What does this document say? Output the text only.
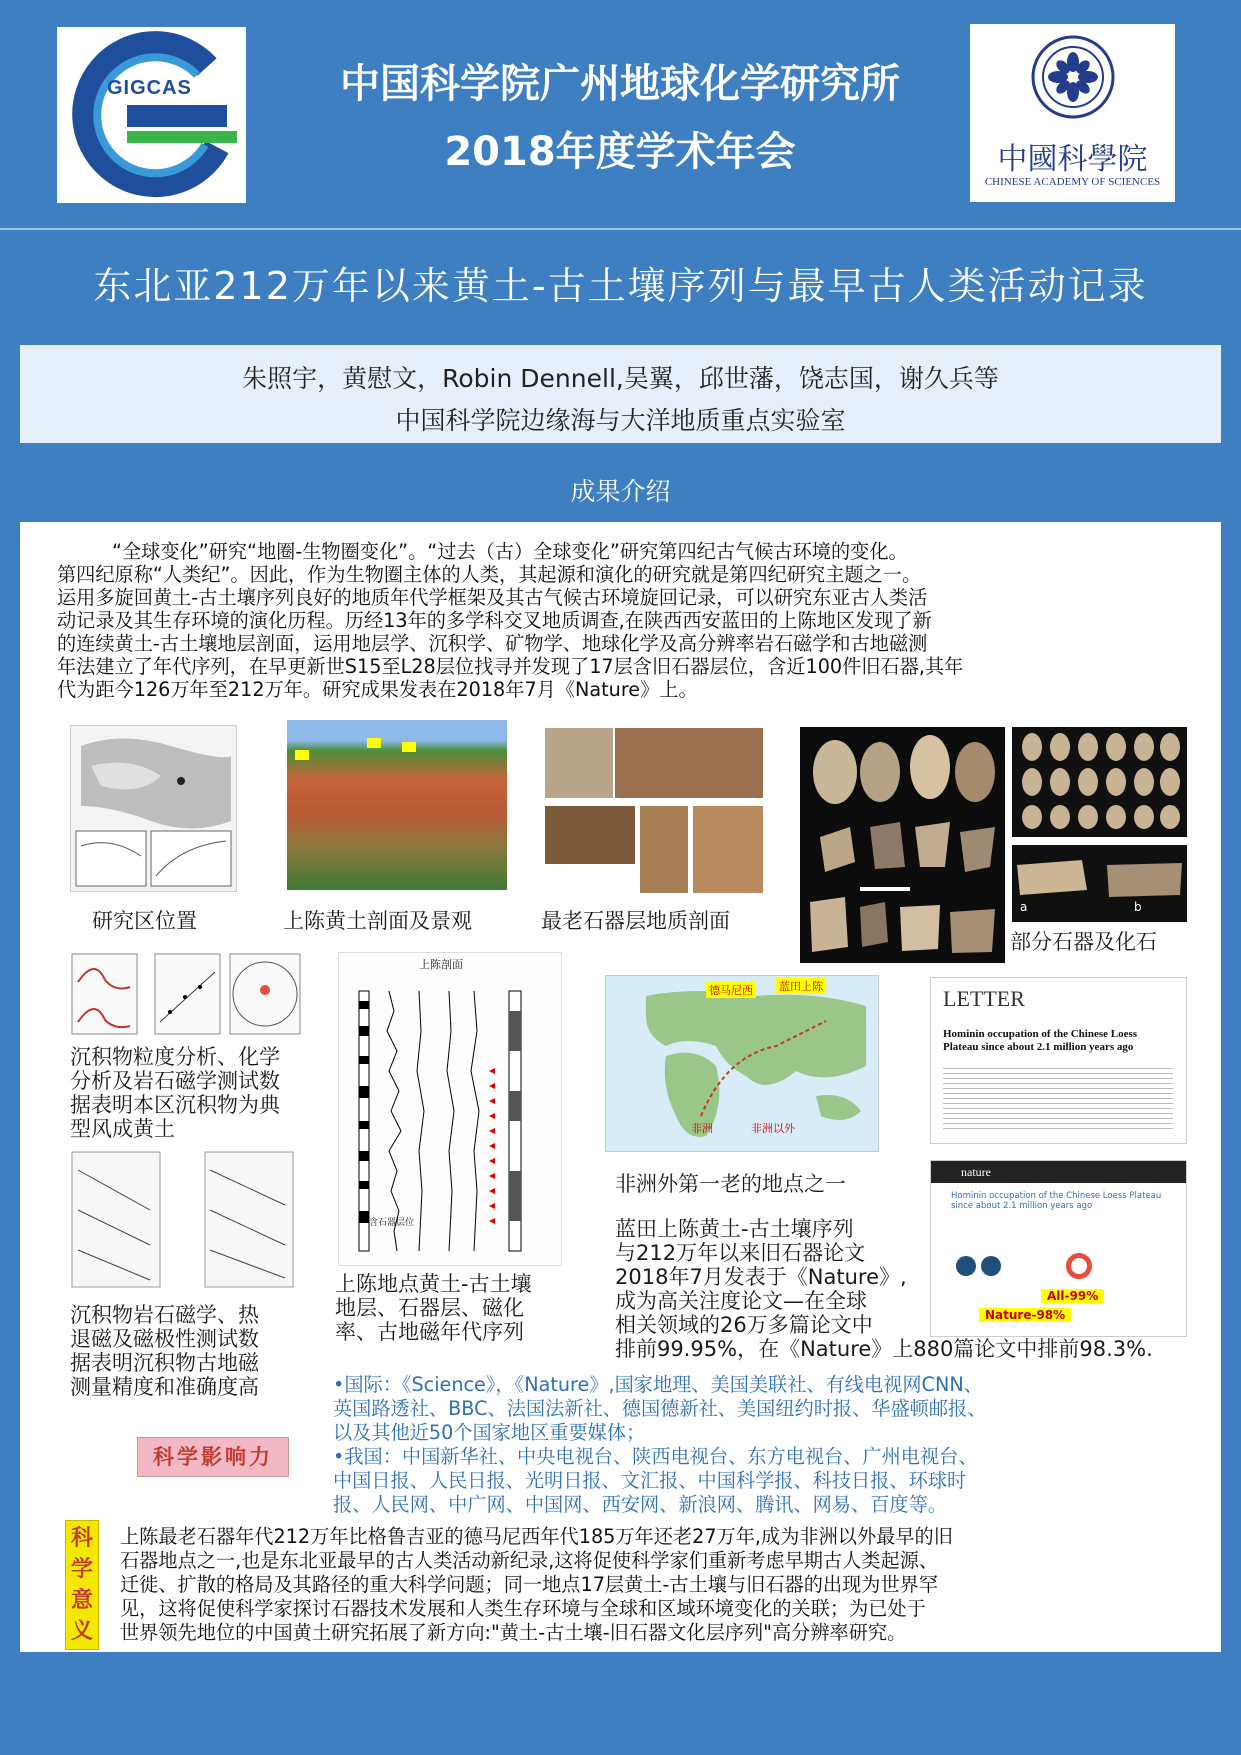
GIGCAS	中国科学院广州地球化学研究所
2018年度学术年会	中國科學院
CHINESE ACADEMY OF SCIENCES
东北亚212万年以来黄土-古土壤序列与最早古人类活动记录
朱照宇，黄慰文，Robin Dennell,吴翼，邱世藩，饶志国，谢久兵等
中国科学院边缘海与大洋地质重点实验室
成果介绍
“全球变化”研究“地圈-生物圈变化”。“过去（古）全球变化”研究第四纪古气候古环境的变化。
第四纪原称“人类纪”。因此，作为生物圈主体的人类，其起源和演化的研究就是第四纪研究主题之一。
运用多旋回黄土-古土壤序列良好的地质年代学框架及其古气候古环境旋回记录，可以研究东亚古人类活
动记录及其生存环境的演化历程。历经13年的多学科交叉地质调查,在陕西西安蓝田的上陈地区发现了新
的连续黄土-古土壤地层剖面，运用地层学、沉积学、矿物学、地球化学及高分辨率岩石磁学和古地磁测
年法建立了年代序列，在早更新世S15至L28层位找寻并发现了17层含旧石器层位，含近100件旧石器,其年
代为距今126万年至212万年。研究成果发表在2018年7月《Nature》上。
研究区位置	上陈黄土剖面及景观	最老石器层地质剖面
a	b
部分石器及化石
沉积物粒度分析、化学
分析及岩石磁学测试数
据表明本区沉积物为典
型风成黄土
沉积物岩石磁学、热
退磁及磁极性测试数
据表明沉积物古地磁
测量精度和准确度高
上陈剖面
含石器层位
上陈地点黄土-古土壤
地层、石器层、磁化
率、古地磁年代序列
德马尼西 蓝田上陈
非洲	非洲以外
非洲外第一老的地点之一
LETTER
Hominin occupation of the Chinese Loess Plateau since about 2.1 million years ago
nature
Hominin occupation of the Chinese Loess Plateau since about 2.1 million years ago
All-99%
Nature-98%
蓝田上陈黄土-古土壤序列
与212万年以来旧石器论文
2018年7月发表于《Nature》,
成为高关注度论文—在全球
相关领域的26万多篇论文中
排前99.95%，在《Nature》上880篇论文中排前98.3%.
科学影响力
•国际：《Science》，《Nature》,国家地理、美国美联社、有线电视网CNN、
英国路透社、BBC、法国法新社、德国德新社、美国纽约时报、华盛顿邮报、
以及其他近50个国家地区重要媒体；
•我国：中国新华社、中央电视台、陕西电视台、东方电视台、广州电视台、
中国日报、人民日报、光明日报、文汇报、中国科学报、科技日报、环球时
报、人民网、中广网、中国网、西安网、新浪网、腾讯、网易、百度等。
科
学
意
义
上陈最老石器年代212万年比格鲁吉亚的德马尼西年代185万年还老27万年,成为非洲以外最早的旧
石器地点之一,也是东北亚最早的古人类活动新纪录,这将促使科学家们重新考虑早期古人类起源、
迁徙、扩散的格局及其路径的重大科学问题；同一地点17层黄土-古土壤与旧石器的出现为世界罕
见，这将促使科学家探讨石器技术发展和人类生存环境与全球和区域环境变化的关联；为已处于
世界领先地位的中国黄土研究拓展了新方向:"黄土-古土壤-旧石器文化层序列"高分辨率研究。
